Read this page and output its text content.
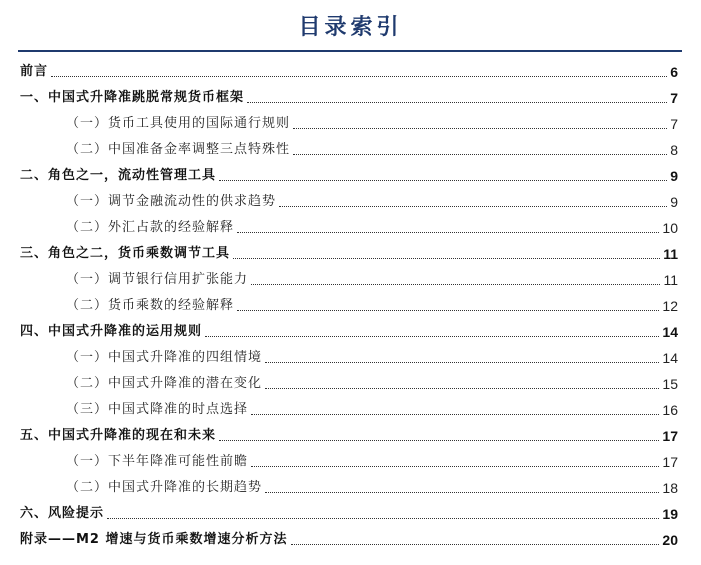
目录索引
前言	6
一、中国式升降准跳脱常规货币框架	7
（一）货币工具使用的国际通行规则	7
（二）中国准备金率调整三点特殊性	8
二、角色之一，流动性管理工具	9
（一）调节金融流动性的供求趋势	9
（二）外汇占款的经验解释	10
三、角色之二，货币乘数调节工具	11
（一）调节银行信用扩张能力	11
（二）货币乘数的经验解释	12
四、中国式升降准的运用规则	14
（一）中国式升降准的四组情境	14
（二）中国式升降准的潜在变化	15
（三）中国式降准的时点选择	16
五、中国式升降准的现在和未来	17
（一）下半年降准可能性前瞻	17
（二）中国式升降准的长期趋势	18
六、风险提示	19
附录——M2 增速与货币乘数增速分析方法	20
